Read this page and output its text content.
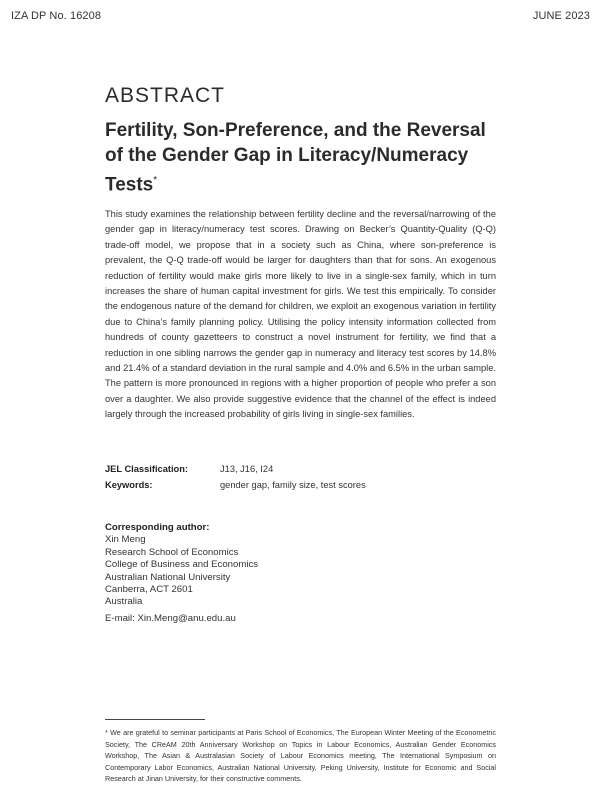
IZA DP No. 16208	JUNE 2023
ABSTRACT
Fertility, Son-Preference, and the Reversal of the Gender Gap in Literacy/Numeracy Tests*

This study examines the relationship between fertility decline and the reversal/narrowing of the gender gap in literacy/numeracy test scores. Drawing on Becker’s Quantity-Quality (Q-Q) trade-off model, we propose that in a society such as China, where son-preference is prevalent, the Q-Q trade-off would be larger for daughters than that for sons. An exogenous reduction of fertility would make girls more likely to live in a single-sex family, which in turn increases the share of human capital investment for girls. We test this empirically. To consider the endogenous nature of the demand for children, we exploit an exogenous variation in fertility due to China’s family planning policy. Utilising the policy intensity information collected from hundreds of county gazetteers to construct a novel instrument for fertility, we find that a reduction in one sibling narrows the gender gap in numeracy and literacy test scores by 14.8% and 21.4% of a standard deviation in the rural sample and 4.0% and 6.5% in the urban sample. The pattern is more pronounced in regions with a higher proportion of people who prefer a son over a daughter. We also provide suggestive evidence that the channel of the effect is indeed largely through the increased probability of girls living in single-sex families.

JEL Classification:	J13, J16, I24
Keywords:	gender gap, family size, test scores
Corresponding author:
Xin Meng
Research School of Economics
College of Business and Economics
Australian National University
Canberra, ACT 2601
Australia
E-mail: Xin.Meng@anu.edu.au

* We are grateful to seminar participants at Paris School of Economics, The European Winter Meeting of the Econometric Society, The CReAM 20th Anniversary Workshop on Topics in Labour Economics, Australian Gender Economics Workshop, The Asian & Australasian Society of Labour Economics meeting, The International Symposium on Contemporary Labor Economics, Australian National University, Peking University, Institute for Economic and Social Research at Jinan University, for their constructive comments.
